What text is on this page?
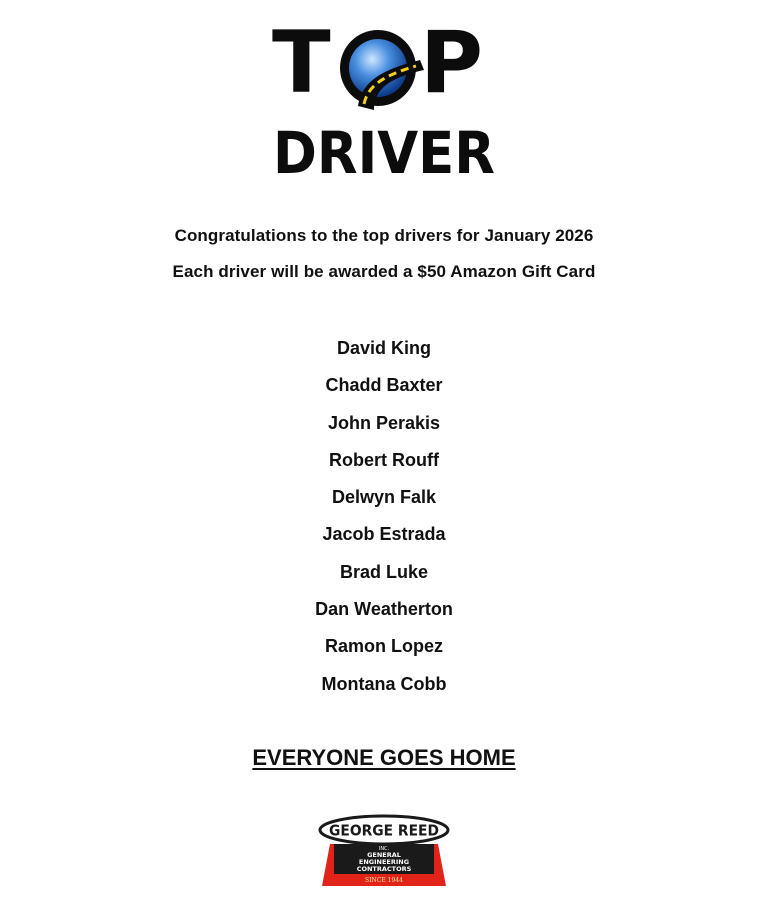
T P
DRIVER
Congratulations to the top drivers for January 2026
Each driver will be awarded a $50 Amazon Gift Card
David King
Chadd Baxter
John Perakis
Robert Rouff
Delwyn Falk
Jacob Estrada
Brad Luke
Dan Weatherton
Ramon Lopez
Montana Cobb
EVERYONE GOES HOME
GEORGE REED
INC.
GENERAL
ENGINEERING
CONTRACTORS
SINCE 1944
